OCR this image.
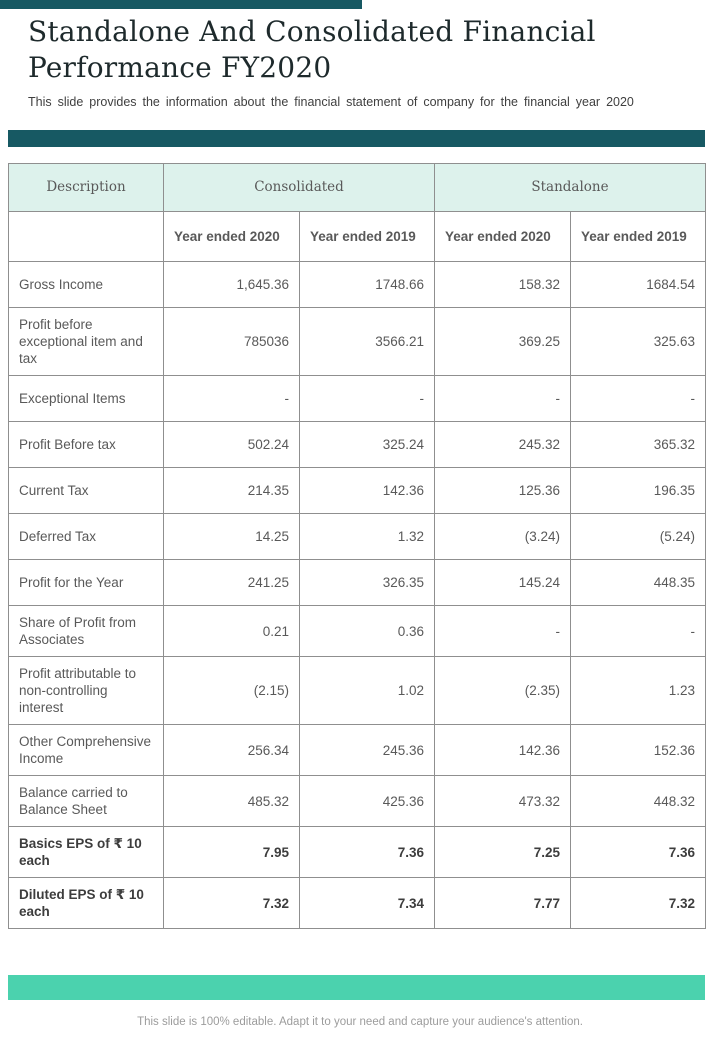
Standalone And Consolidated Financial Performance FY2020
This slide provides the information about the financial statement of company for the financial year 2020
Description	Consolidated		Standalone	
	Year ended 2020	Year ended 2019	Year ended 2020	Year ended 2019
Gross Income	1,645.36	1748.66	158.32	1684.54
Profit before exceptional item and tax	785036	3566.21	369.25	325.63
Exceptional Items	-	-	-	-
Profit Before tax	502.24	325.24	245.32	365.32
Current Tax	214.35	142.36	125.36	196.35
Deferred Tax	14.25	1.32	(3.24)	(5.24)
Profit for the Year	241.25	326.35	145.24	448.35
Share of Profit from Associates	0.21	0.36	-	-
Profit attributable to non-controlling interest	(2.15)	1.02	(2.35)	1.23
Other Comprehensive Income	256.34	245.36	142.36	152.36
Balance carried to Balance Sheet	485.32	425.36	473.32	448.32
Basics EPS of ₹ 10 each	7.95	7.36	7.25	7.36
Diluted EPS of ₹ 10 each	7.32	7.34	7.77	7.32
This slide is 100% editable. Adapt it to your need and capture your audience's attention.
